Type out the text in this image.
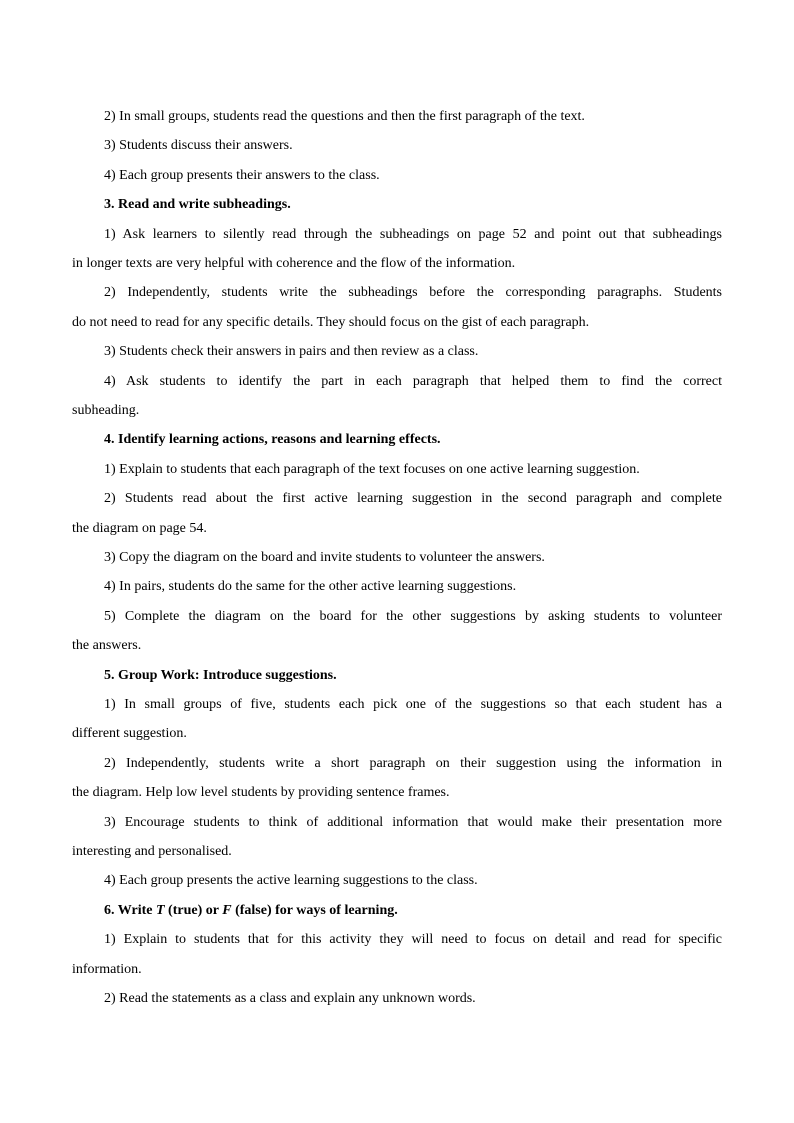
2) In small groups, students read the questions and then the first paragraph of the text.
3) Students discuss their answers.
4) Each group presents their answers to the class.
3. Read and write subheadings.
1) Ask learners to silently read through the subheadings on page 52 and point out that subheadings
in longer texts are very helpful with coherence and the flow of the information.
2) Independently, students write the subheadings before the corresponding paragraphs. Students
do not need to read for any specific details. They should focus on the gist of each paragraph.
3) Students check their answers in pairs and then review as a class.
4) Ask students to identify the part in each paragraph that helped them to find the correct
subheading.
4. Identify learning actions, reasons and learning effects.
1) Explain to students that each paragraph of the text focuses on one active learning suggestion.
2) Students read about the first active learning suggestion in the second paragraph and complete
the diagram on page 54.
3) Copy the diagram on the board and invite students to volunteer the answers.
4) In pairs, students do the same for the other active learning suggestions.
5) Complete the diagram on the board for the other suggestions by asking students to volunteer
the answers.
5. Group Work: Introduce suggestions.
1) In small groups of five, students each pick one of the suggestions so that each student has a
different suggestion.
2) Independently, students write a short paragraph on their suggestion using the information in
the diagram. Help low level students by providing sentence frames.
3) Encourage students to think of additional information that would make their presentation more
interesting and personalised.
4) Each group presents the active learning suggestions to the class.
6. Write T (true) or F (false) for ways of learning.
1) Explain to students that for this activity they will need to focus on detail and read for specific
information.
2) Read the statements as a class and explain any unknown words.
